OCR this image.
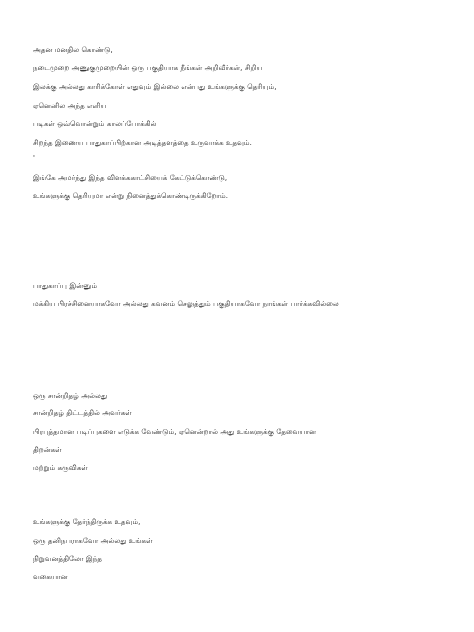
அதன மனதில கொண்டு,
நடைமுறை அணுகுமுறையின் ஒரு பகுதியாக நீங்கள் அறிவீர்கள், சிறிய
இலக்கு அல்லது காரிக்கோள் எதுவும் இல்லை என்பது உங்களுக்கு தெரியும்,
ஏனெனில அந்த எளிய
படிகள் ஒவ்வொன்றும் காலப்போக்கில்
சிறந்த இணைய பாதுகாப்பிற்கான அடித்தளத்தை உருவாக்க உதவும்.
'
இங்கே அமர்ந்து இந்த விளக்ககாட்சியைக் கேட்டுக்கொண்டு,
உங்களுக்கு தெரியுமா என்று நினைத்துக்கொண்டிருக்கிறோம்.
பாதுகாப்பு இன்னும்
மக்கிய பிரச்சினையாகவோ அல்லது கவனம் செலுத்தும் பகுதியாகவோ நாங்கள் பார்க்கவில்லை
ஒரு சான்றிதழ் அல்லது
சான்றிதழ் திட்டத்தில் அவர்கள்
பிரபுத்தமான படிப்புகளை எடுக்க வேண்டும், ஏனென்றால் அது உங்களுக்கு தேவையான
திறன்கள்
மற்றும் கருவிகள்
உங்களுக்கு தேர்ந்திருக்க உதவும்,
ஒரு தனிநபராகவோ அல்லது உங்கள்
நிறுவனத்திலோ இந்த
வகையான
